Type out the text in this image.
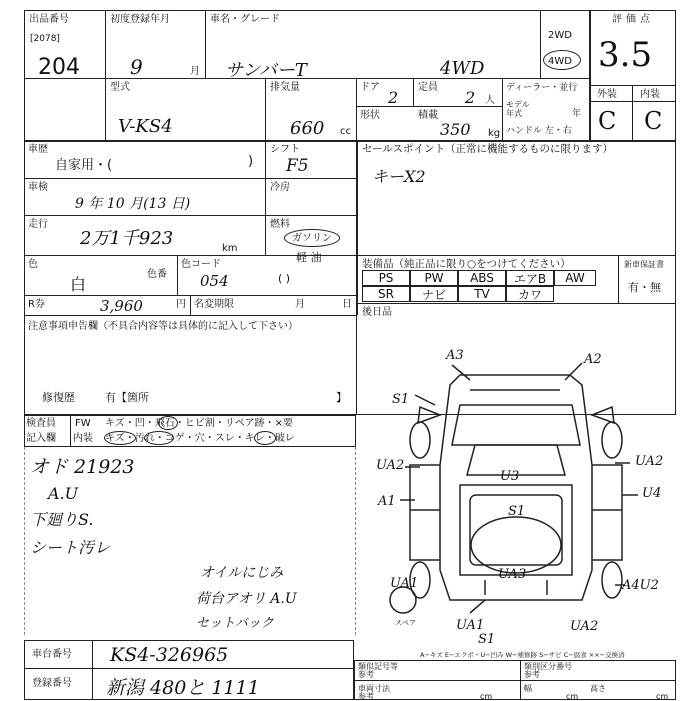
出品番号
[2078]
204
初度登録年月
9	月
車名・グレード
サンバーT	4WD
2WD
4WD
評価点
3.5
型式
V-KS4
排気量
660 cc
ドア
2
定員
2 人
形状	積載
350 kg
ディーラー・並行
モデル年式	年
ハンドル 左・右
外装 内装
C C
車歴
自家用・(	)
シフト
F5
車検
9 年 10 月(13 日)
冷房
走行
2万1千923	km
燃料
ガソリン
軽 油
( )
色
白
色番
色コード
054
R券	3,960	円 名変期限	月	日
セールスポイント（正常に機能するものに限ります）
キーX2
装備品（純正品に限り○をつけてください）	新車保証書
有・無
PS	PW	ABS	エアB	AW
SR	ナビ	TV	カワ
後日品
注意事項申告欄（不具合内容等は具体的に記入して下さい）
修復歴	有【箇所	】
検査員
記入欄
FW キズ・凹・飛石・ヒビ割・リペア跡・×要
内装 キズ・汚れ・コゲ・穴・スレ・キレ・破レ
オド 21923
A.U
下廻りS.
シート汚レ
オイルにじみ
荷台アオリ A.U
セットバック
A3	A2
S1
UA2	UA2
A1
U3
U4
S1
UA3
UA1	A4U2
UA1
S1
UA2
スペア
A−キズ E−エクボ・U−凹み W−補修跡 S−サビ C−腐食 ××−交換済
車台番号 KS4-326965
登録番号 新潟 480と 1111
類似記号等
参考
類別区分番号
参考
車両寸法
参考	cm
幅
cm
高さ
cm
